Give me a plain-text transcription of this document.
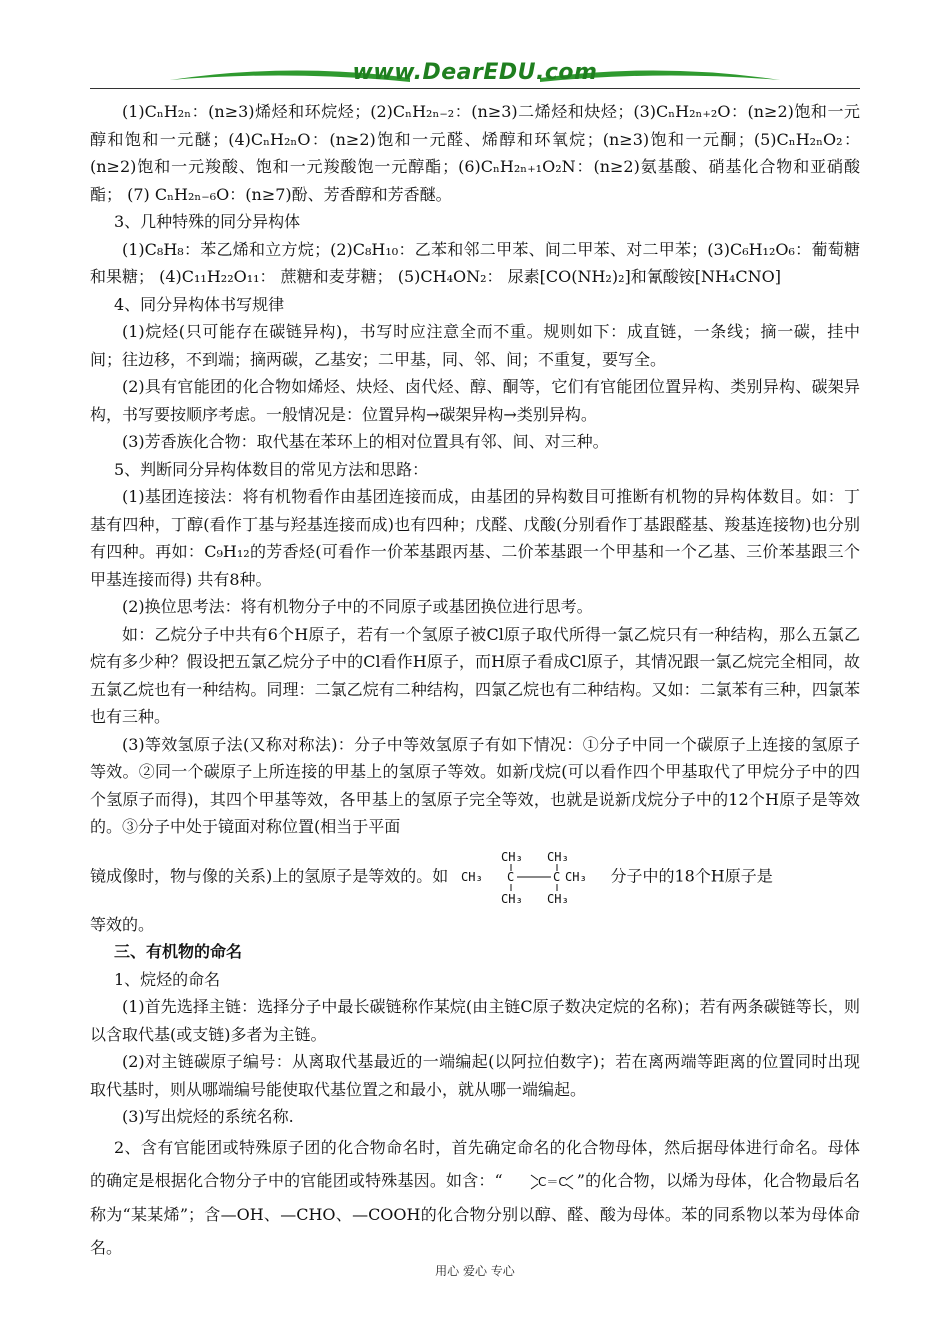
www.DearEDU.com

(1)CₙH₂ₙ：(n≥3)烯烃和环烷烃；(2)CₙH₂ₙ₋₂：(n≥3)二烯烃和炔烃；(3)CₙH₂ₙ₊₂O：(n≥2)饱和一元醇和饱和一元醚；(4)CₙH₂ₙO：(n≥2)饱和一元醛、烯醇和环氧烷；(n≥3)饱和一元酮；(5)CₙH₂ₙO₂：(n≥2)饱和一元羧酸、饱和一元羧酸饱一元醇酯；(6)CₙH₂ₙ₊₁O₂N：(n≥2)氨基酸、硝基化合物和亚硝酸酯； (7) CₙH₂ₙ₋₆O：(n≥7)酚、芳香醇和芳香醚。

3、几种特殊的同分异构体

(1)C₈H₈：苯乙烯和立方烷；(2)C₈H₁₀：乙苯和邻二甲苯、间二甲苯、对二甲苯；(3)C₆H₁₂O₆：葡萄糖和果糖； (4)C₁₁H₂₂O₁₁： 蔗糖和麦芽糖； (5)CH₄ON₂： 尿素[CO(NH₂)₂]和氰酸铵[NH₄CNO]

4、同分异构体书写规律

(1)烷烃(只可能存在碳链异构)，书写时应注意全而不重。规则如下：成直链，一条线；摘一碳，挂中间；往边移，不到端；摘两碳，乙基安；二甲基，同、邻、间；不重复，要写全。

(2)具有官能团的化合物如烯烃、炔烃、卤代烃、醇、酮等，它们有官能团位置异构、类别异构、碳架异构，书写要按顺序考虑。一般情况是：位置异构→碳架异构→类别异构。

(3)芳香族化合物：取代基在苯环上的相对位置具有邻、间、对三种。

5、判断同分异构体数目的常见方法和思路：

(1)基团连接法：将有机物看作由基团连接而成，由基团的异构数目可推断有机物的异构体数目。如：丁基有四种，丁醇(看作丁基与羟基连接而成)也有四种；戊醛、戊酸(分别看作丁基跟醛基、羧基连接物)也分别有四种。再如：C₉H₁₂的芳香烃(可看作一价苯基跟丙基、二价苯基跟一个甲基和一个乙基、三价苯基跟三个甲基连接而得) 共有8种。

(2)换位思考法：将有机物分子中的不同原子或基团换位进行思考。

如：乙烷分子中共有6个H原子，若有一个氢原子被Cl原子取代所得一氯乙烷只有一种结构，那么五氯乙烷有多少种？假设把五氯乙烷分子中的Cl看作H原子，而H原子看成Cl原子，其情况跟一氯乙烷完全相同，故五氯乙烷也有一种结构。同理：二氯乙烷有二种结构，四氯乙烷也有二种结构。又如：二氯苯有三种，四氯苯也有三种。

(3)等效氢原子法(又称对称法)：分子中等效氢原子有如下情况：①分子中同一个碳原子上连接的氢原子等效。②同一个碳原子上所连接的甲基上的氢原子等效。如新戊烷(可以看作四个甲基取代了甲烷分子中的四个氢原子而得)，其四个甲基等效，各甲基上的氢原子完全等效，也就是说新戊烷分子中的12个H原子是等效的。③分子中处于镜面对称位置(相当于平面

镜成像时，物与像的关系)上的氢原子是等效的。如
CH₃ CH₃
CH₃ C	C CH₃
CH₃ CH₃
分子中的18个H原子是

等效的。

三、有机物的命名

1、烷烃的命名

(1)首先选择主链：选择分子中最长碳链称作某烷(由主链C原子数决定烷的名称)；若有两条碳链等长，则以含取代基(或支链)多者为主链。

(2)对主链碳原子编号：从离取代基最近的一端编起(以阿拉伯数字)；若在离两端等距离的位置同时出现取代基时，则从哪端编号能使取代基位置之和最小，就从哪一端编起。

(3)写出烷烃的系统名称.

2、含有官能团或特殊原子团的化合物命名时，首先确定命名的化合物母体，然后据母体进行命名。母体的确定是根据化合物分子中的官能团或特殊基因。如含：“	C＝C ”的化合物，以烯为母体，化合物最后名称为“某某烯”；含—OH、—CHO、—COOH的化合物分别以醇、醛、酸为母体。苯的同系物以苯为母体命名。

用心 爱心 专心
